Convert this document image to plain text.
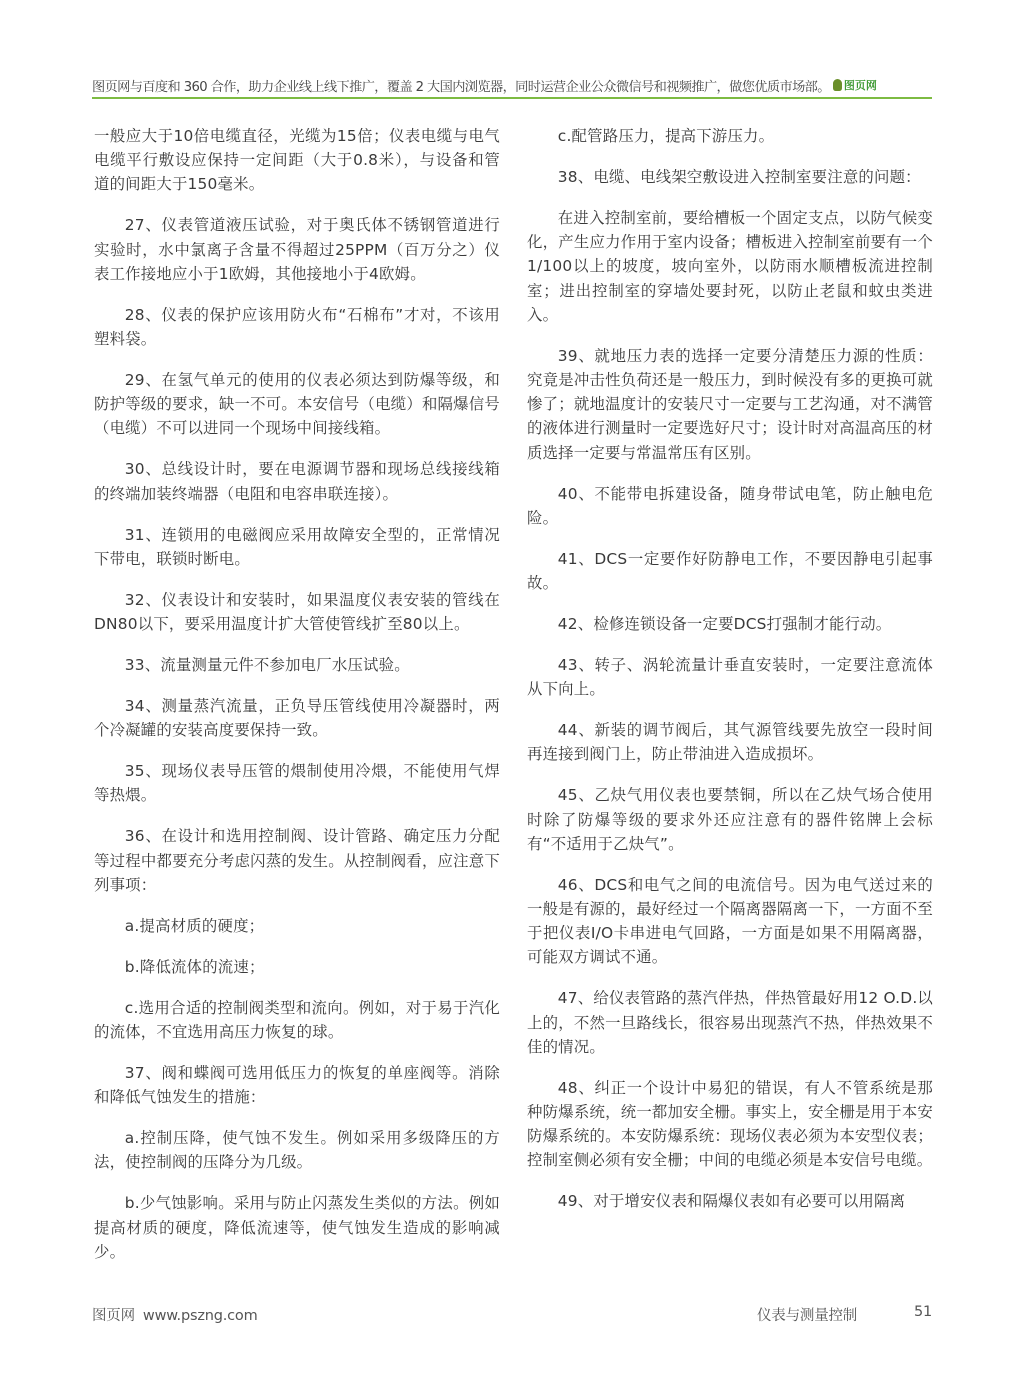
图页网与百度和 360 合作，助力企业线上线下推广，覆盖 2 大国内浏览器，同时运营企业公众微信号和视频推广，做您优质市场部。 图页网

一般应大于10倍电缆直径，光缆为15倍；仪表电缆与电气电缆平行敷设应保持一定间距（大于0.8米），与设备和管道的间距大于150毫米。

27、仪表管道液压试验，对于奥氏体不锈钢管道进行实验时，水中氯离子含量不得超过25PPM（百万分之）仪表工作接地应小于1欧姆，其他接地小于4欧姆。

28、仪表的保护应该用防火布“石棉布”才对，不该用塑料袋。

29、在氢气单元的使用的仪表必须达到防爆等级，和防护等级的要求，缺一不可。本安信号（电缆）和隔爆信号（电缆）不可以进同一个现场中间接线箱。

30、总线设计时，要在电源调节器和现场总线接线箱的终端加装终端器（电阻和电容串联连接）。

31、连锁用的电磁阀应采用故障安全型的，正常情况下带电，联锁时断电。

32、仪表设计和安装时，如果温度仪表安装的管线在DN80以下，要采用温度计扩大管使管线扩至80以上。

33、流量测量元件不参加电厂水压试验。

34、测量蒸汽流量，正负导压管线使用冷凝器时，两个冷凝罐的安装高度要保持一致。

35、现场仪表导压管的煨制使用冷煨，不能使用气焊等热煨。

36、在设计和选用控制阀、设计管路、确定压力分配等过程中都要充分考虑闪蒸的发生。从控制阀看，应注意下列事项：

a.提高材质的硬度；

b.降低流体的流速；

c.选用合适的控制阀类型和流向。例如，对于易于汽化的流体，不宜选用高压力恢复的球。

37、阀和蝶阀可选用低压力的恢复的单座阀等。消除和降低气蚀发生的措施：

a.控制压降，使气蚀不发生。例如采用多级降压的方法，使控制阀的压降分为几级。

b.少气蚀影响。采用与防止闪蒸发生类似的方法。例如提高材质的硬度，降低流速等，使气蚀发生造成的影响减少。

c.配管路压力，提高下游压力。

38、电缆、电线架空敷设进入控制室要注意的问题：

在进入控制室前，要给槽板一个固定支点，以防气候变化，产生应力作用于室内设备；槽板进入控制室前要有一个1/100以上的坡度，坡向室外，以防雨水顺槽板流进控制室；进出控制室的穿墙处要封死，以防止老鼠和蚊虫类进入。

39、就地压力表的选择一定要分清楚压力源的性质：究竟是冲击性负荷还是一般压力，到时候没有多的更换可就惨了；就地温度计的安装尺寸一定要与工艺沟通，对不满管的液体进行测量时一定要选好尺寸；设计时对高温高压的材质选择一定要与常温常压有区别。

40、不能带电拆建设备，随身带试电笔，防止触电危险。

41、DCS一定要作好防静电工作，不要因静电引起事故。

42、检修连锁设备一定要DCS打强制才能行动。

43、转子、涡轮流量计垂直安装时，一定要注意流体从下向上。

44、新装的调节阀后，其气源管线要先放空一段时间再连接到阀门上，防止带油进入造成损坏。

45、乙炔气用仪表也要禁铜，所以在乙炔气场合使用时除了防爆等级的要求外还应注意有的器件铭牌上会标有“不适用于乙炔气”。

46、DCS和电气之间的电流信号。因为电气送过来的一般是有源的，最好经过一个隔离器隔离一下，一方面不至于把仪表I/O卡串进电气回路，一方面是如果不用隔离器，可能双方调试不通。

47、给仪表管路的蒸汽伴热，伴热管最好用12 O.D.以上的，不然一旦路线长，很容易出现蒸汽不热，伴热效果不佳的情况。

48、纠正一个设计中易犯的错误，有人不管系统是那种防爆系统，统一都加安全栅。事实上，安全栅是用于本安防爆系统的。本安防爆系统：现场仪表必须为本安型仪表；控制室侧必须有安全栅；中间的电缆必须是本安信号电缆。

49、对于增安仪表和隔爆仪表如有必要可以用隔离

图页网 www.pszng.com	仪表与测量控制	51
